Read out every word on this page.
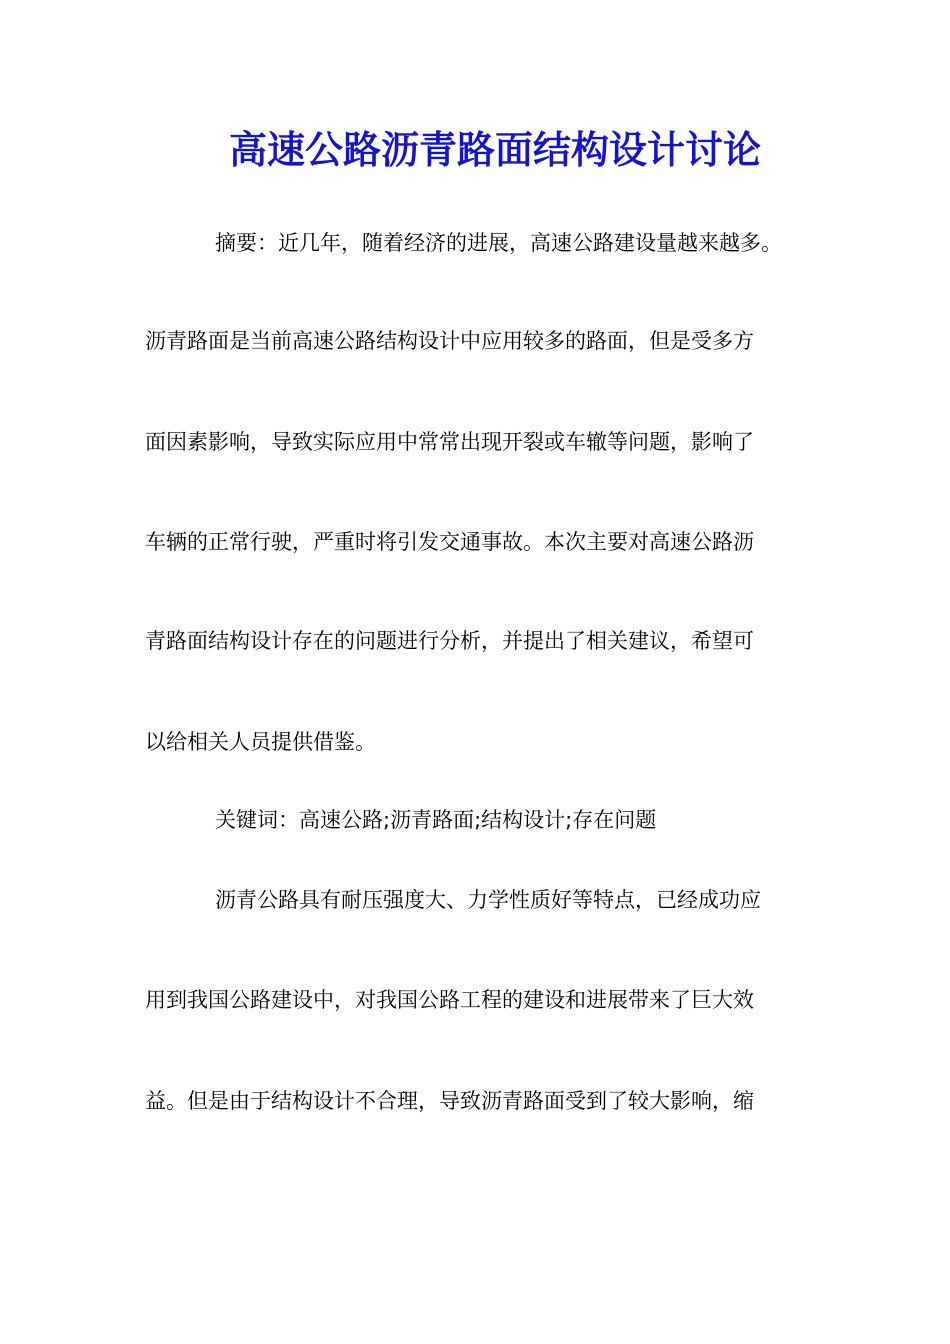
高速公路沥青路面结构设计讨论
摘要：近几年，随着经济的进展，高速公路建设量越来越多。
沥青路面是当前高速公路结构设计中应用较多的路面，但是受多方
面因素影响，导致实际应用中常常出现开裂或车辙等问题，影响了
车辆的正常行驶，严重时将引发交通事故。本次主要对高速公路沥
青路面结构设计存在的问题进行分析，并提出了相关建议，希望可
以给相关人员提供借鉴。
关键词：高速公路;沥青路面;结构设计;存在问题
沥青公路具有耐压强度大、力学性质好等特点，已经成功应
用到我国公路建设中，对我国公路工程的建设和进展带来了巨大效
益。但是由于结构设计不合理，导致沥青路面受到了较大影响，缩
